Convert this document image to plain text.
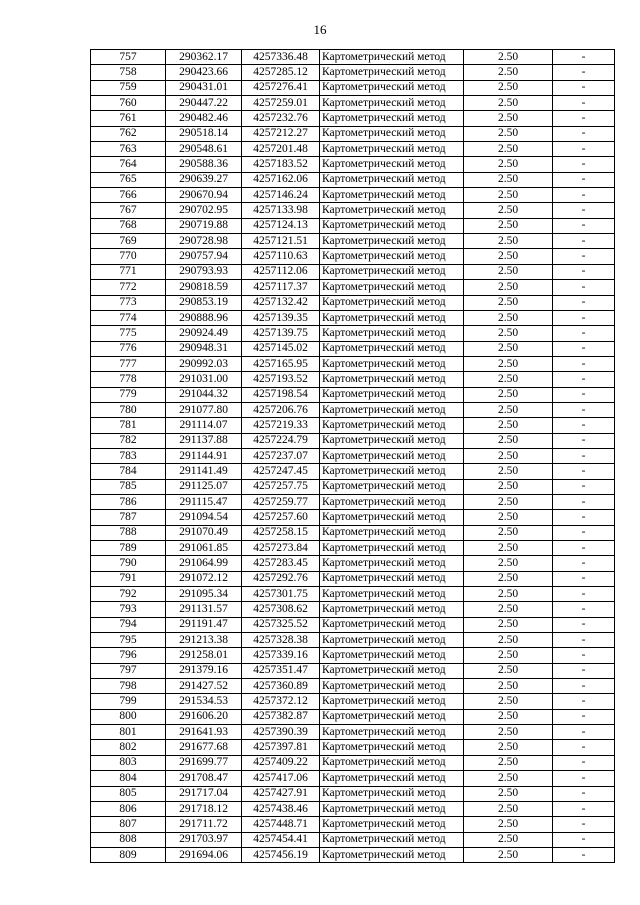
16
757	290362.17	4257336.48	Картометрический метод	2.50	-
758	290423.66	4257285.12	Картометрический метод	2.50	-
759	290431.01	4257276.41	Картометрический метод	2.50	-
760	290447.22	4257259.01	Картометрический метод	2.50	-
761	290482.46	4257232.76	Картометрический метод	2.50	-
762	290518.14	4257212.27	Картометрический метод	2.50	-
763	290548.61	4257201.48	Картометрический метод	2.50	-
764	290588.36	4257183.52	Картометрический метод	2.50	-
765	290639.27	4257162.06	Картометрический метод	2.50	-
766	290670.94	4257146.24	Картометрический метод	2.50	-
767	290702.95	4257133.98	Картометрический метод	2.50	-
768	290719.88	4257124.13	Картометрический метод	2.50	-
769	290728.98	4257121.51	Картометрический метод	2.50	-
770	290757.94	4257110.63	Картометрический метод	2.50	-
771	290793.93	4257112.06	Картометрический метод	2.50	-
772	290818.59	4257117.37	Картометрический метод	2.50	-
773	290853.19	4257132.42	Картометрический метод	2.50	-
774	290888.96	4257139.35	Картометрический метод	2.50	-
775	290924.49	4257139.75	Картометрический метод	2.50	-
776	290948.31	4257145.02	Картометрический метод	2.50	-
777	290992.03	4257165.95	Картометрический метод	2.50	-
778	291031.00	4257193.52	Картометрический метод	2.50	-
779	291044.32	4257198.54	Картометрический метод	2.50	-
780	291077.80	4257206.76	Картометрический метод	2.50	-
781	291114.07	4257219.33	Картометрический метод	2.50	-
782	291137.88	4257224.79	Картометрический метод	2.50	-
783	291144.91	4257237.07	Картометрический метод	2.50	-
784	291141.49	4257247.45	Картометрический метод	2.50	-
785	291125.07	4257257.75	Картометрический метод	2.50	-
786	291115.47	4257259.77	Картометрический метод	2.50	-
787	291094.54	4257257.60	Картометрический метод	2.50	-
788	291070.49	4257258.15	Картометрический метод	2.50	-
789	291061.85	4257273.84	Картометрический метод	2.50	-
790	291064.99	4257283.45	Картометрический метод	2.50	-
791	291072.12	4257292.76	Картометрический метод	2.50	-
792	291095.34	4257301.75	Картометрический метод	2.50	-
793	291131.57	4257308.62	Картометрический метод	2.50	-
794	291191.47	4257325.52	Картометрический метод	2.50	-
795	291213.38	4257328.38	Картометрический метод	2.50	-
796	291258.01	4257339.16	Картометрический метод	2.50	-
797	291379.16	4257351.47	Картометрический метод	2.50	-
798	291427.52	4257360.89	Картометрический метод	2.50	-
799	291534.53	4257372.12	Картометрический метод	2.50	-
800	291606.20	4257382.87	Картометрический метод	2.50	-
801	291641.93	4257390.39	Картометрический метод	2.50	-
802	291677.68	4257397.81	Картометрический метод	2.50	-
803	291699.77	4257409.22	Картометрический метод	2.50	-
804	291708.47	4257417.06	Картометрический метод	2.50	-
805	291717.04	4257427.91	Картометрический метод	2.50	-
806	291718.12	4257438.46	Картометрический метод	2.50	-
807	291711.72	4257448.71	Картометрический метод	2.50	-
808	291703.97	4257454.41	Картометрический метод	2.50	-
809	291694.06	4257456.19	Картометрический метод	2.50	-
